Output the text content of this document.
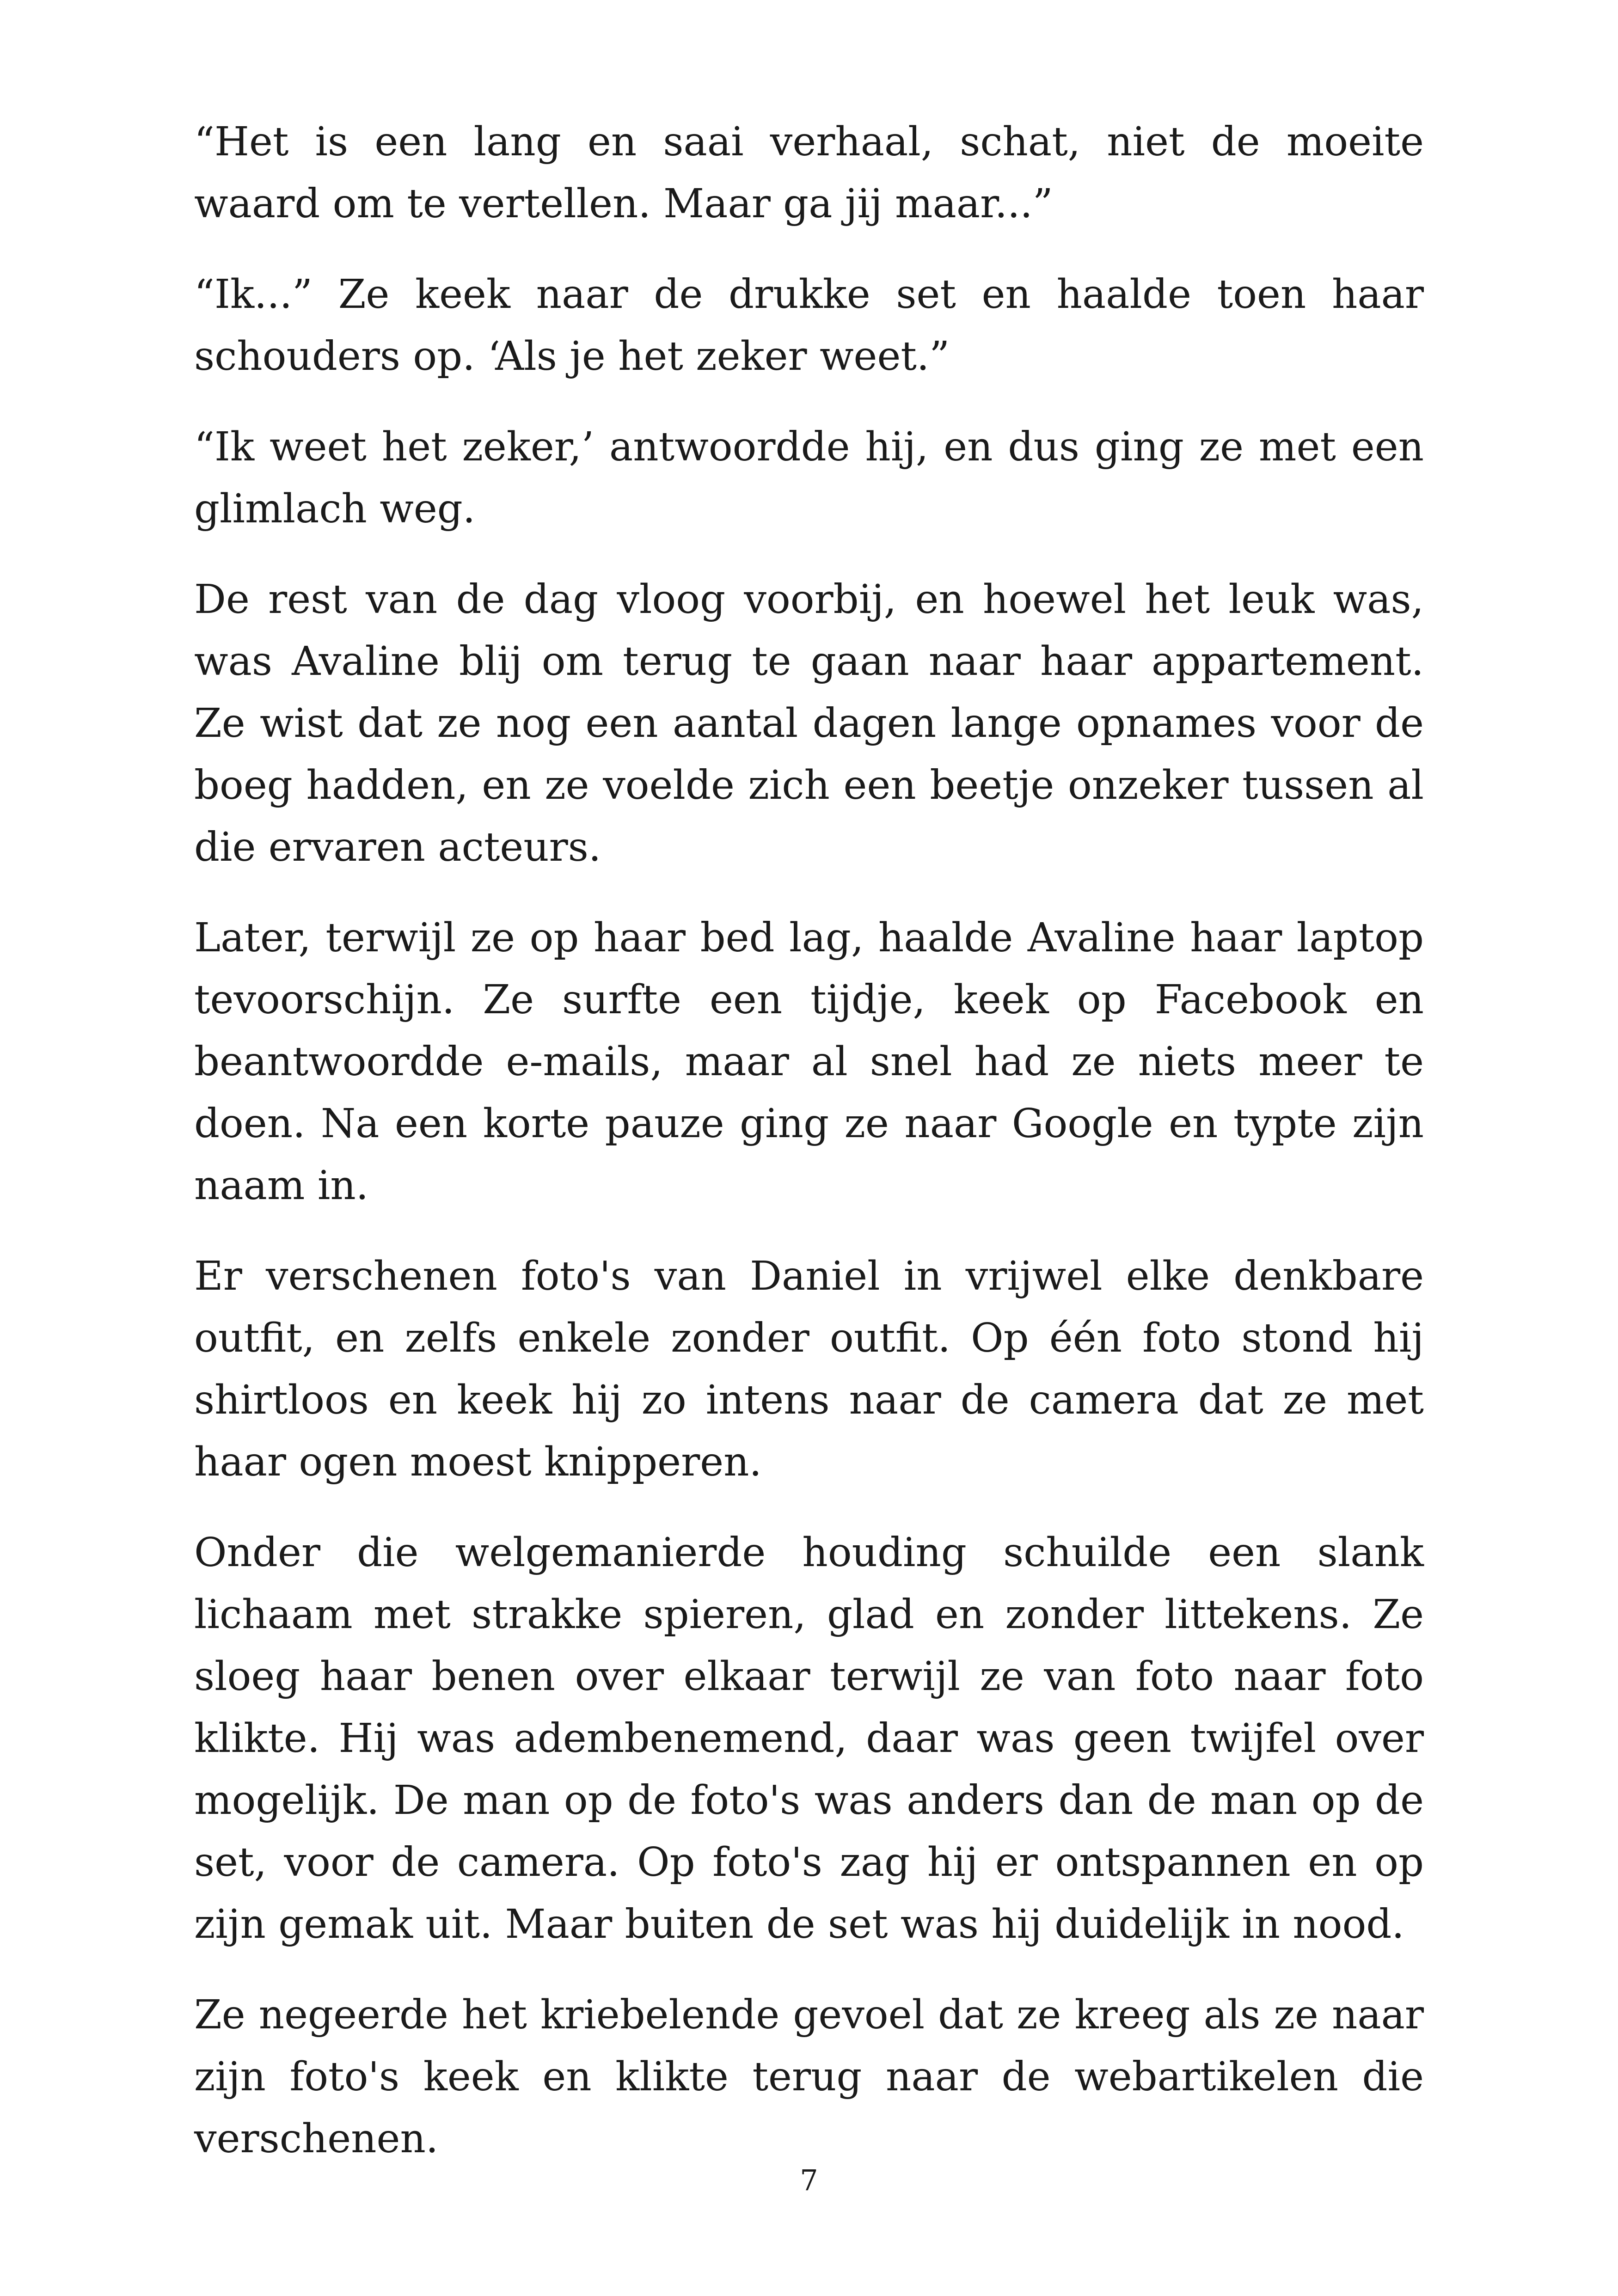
“Het is een lang en saai verhaal, schat, niet de moeite waard om te vertellen. Maar ga jij maar...”

“Ik...” Ze keek naar de drukke set en haalde toen haar schouders op. ‘Als je het zeker weet.”

“Ik weet het zeker,’ antwoordde hij, en dus ging ze met een glimlach weg.

De rest van de dag vloog voorbij, en hoewel het leuk was, was Avaline blij om terug te gaan naar haar appartement. Ze wist dat ze nog een aantal dagen lange opnames voor de boeg hadden, en ze voelde zich een beetje onzeker tussen al die ervaren acteurs.

Later, terwijl ze op haar bed lag, haalde Avaline haar laptop tevoorschijn. Ze surfte een tijdje, keek op Facebook en beantwoordde e-mails, maar al snel had ze niets meer te doen. Na een korte pauze ging ze naar Google en typte zijn naam in.

Er verschenen foto's van Daniel in vrijwel elke denkbare outfit, en zelfs enkele zonder outfit. Op één foto stond hij shirtloos en keek hij zo intens naar de camera dat ze met haar ogen moest knipperen.

Onder die welgemanierde houding schuilde een slank lichaam met strakke spieren, glad en zonder littekens. Ze sloeg haar benen over elkaar terwijl ze van foto naar foto klikte. Hij was adembenemend, daar was geen twijfel over mogelijk. De man op de foto's was anders dan de man op de set, voor de camera. Op foto's zag hij er ontspannen en op zijn gemak uit. Maar buiten de set was hij duidelijk in nood.

Ze negeerde het kriebelende gevoel dat ze kreeg als ze naar zijn foto's keek en klikte terug naar de webartikelen die verschenen.

7
